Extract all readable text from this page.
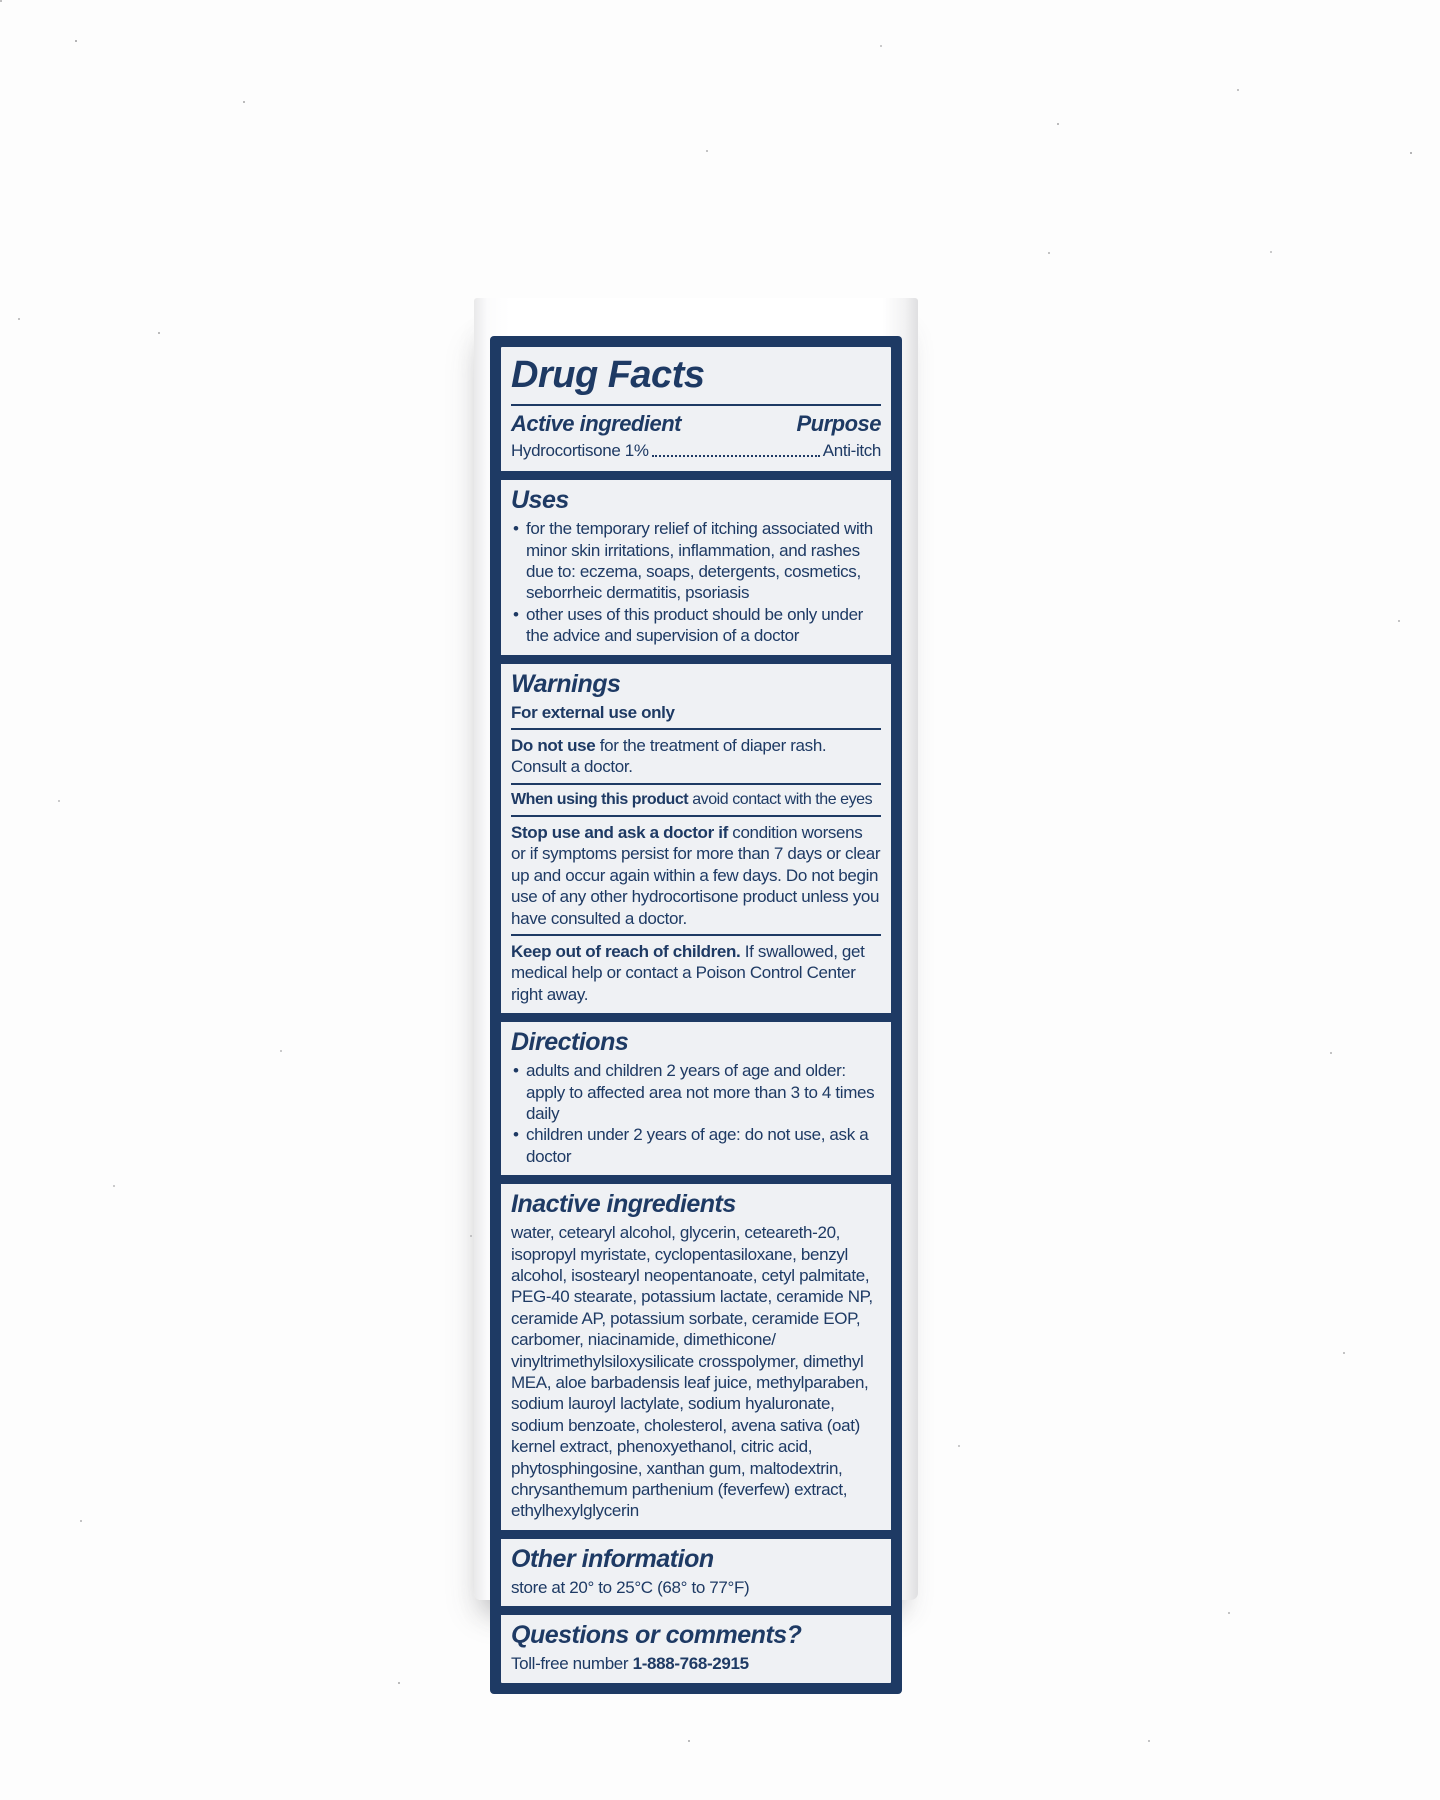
Drug Facts
Active ingredient	Purpose
Hydrocortisone 1%	Anti-itch
Uses
• for the temporary relief of itching associated with minor skin irritations, inflammation, and rashes due to: eczema, soaps, detergents, cosmetics, seborrheic dermatitis, psoriasis
• other uses of this product should be only under the advice and supervision of a doctor
Warnings

For external use only

Do not use for the treatment of diaper rash. Consult a doctor.

When using this product avoid contact with the eyes

Stop use and ask a doctor if condition worsens or if symptoms persist for more than 7 days or clear up and occur again within a few days. Do not begin use of any other hydrocortisone product unless you have consulted a doctor.

Keep out of reach of children. If swallowed, get medical help or contact a Poison Control Center right away.

Directions
• adults and children 2 years of age and older: apply to affected area not more than 3 to 4 times daily
• children under 2 years of age: do not use, ask a doctor
Inactive ingredients

water, cetearyl alcohol, glycerin, ceteareth-20, isopropyl myristate, cyclopentasiloxane, benzyl alcohol, isostearyl neopentanoate, cetyl palmitate, PEG-40 stearate, potassium lactate, ceramide NP, ceramide AP, potassium sorbate, ceramide EOP, carbomer, niacinamide, dimethicone/ vinyltrimethylsiloxysilicate crosspolymer, dimethyl MEA, aloe barbadensis leaf juice, methylparaben, sodium lauroyl lactylate, sodium hyaluronate, sodium benzoate, cholesterol, avena sativa (oat) kernel extract, phenoxyethanol, citric acid, phytosphingosine, xanthan gum, maltodextrin, chrysanthemum parthenium (feverfew) extract, ethylhexylglycerin

Other information

store at 20° to 25°C (68° to 77°F)

Questions or comments?

Toll-free number 1-888-768-2915
